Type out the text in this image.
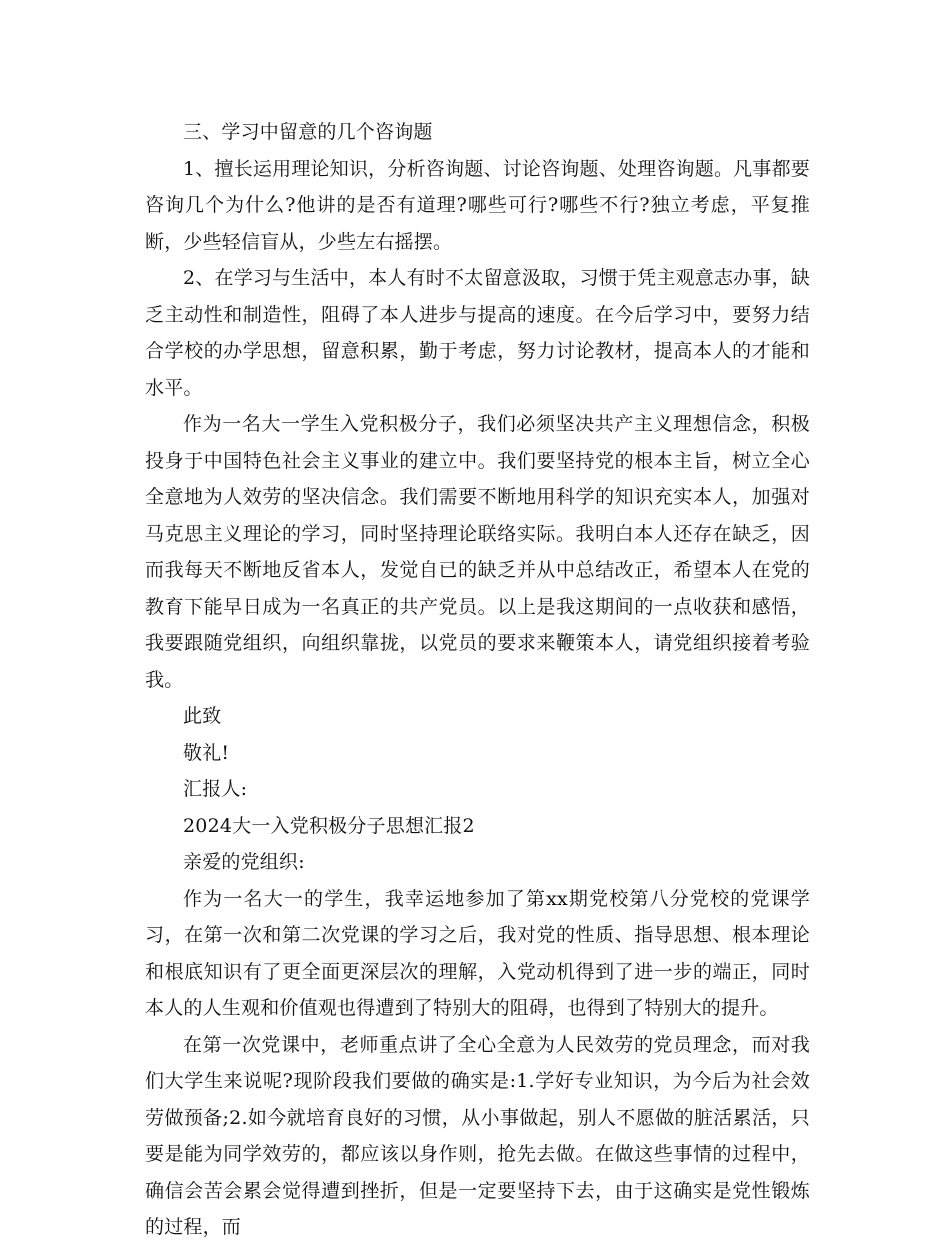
三、学习中留意的几个咨询题

1、擅长运用理论知识，分析咨询题、讨论咨询题、处理咨询题。凡事都要咨询几个为什么?他讲的是否有道理?哪些可行?哪些不行?独立考虑，平复推断，少些轻信盲从，少些左右摇摆。

2、在学习与生活中，本人有时不太留意汲取，习惯于凭主观意志办事，缺乏主动性和制造性，阻碍了本人进步与提高的速度。在今后学习中，要努力结合学校的办学思想，留意积累，勤于考虑，努力讨论教材，提高本人的才能和水平。

作为一名大一学生入党积极分子，我们必须坚决共产主义理想信念，积极投身于中国特色社会主义事业的建立中。我们要坚持党的根本主旨，树立全心全意地为人效劳的坚决信念。我们需要不断地用科学的知识充实本人，加强对马克思主义理论的学习，同时坚持理论联络实际。我明白本人还存在缺乏，因而我每天不断地反省本人，发觉自已的缺乏并从中总结改正，希望本人在党的教育下能早日成为一名真正的共产党员。以上是我这期间的一点收获和感悟，我要跟随党组织，向组织靠拢，以党员的要求来鞭策本人，请党组织接着考验我。

此致

敬礼!

汇报人:

2024大一入党积极分子思想汇报2

亲爱的党组织:

作为一名大一的学生，我幸运地参加了第xx期党校第八分党校的党课学习，在第一次和第二次党课的学习之后，我对党的性质、指导思想、根本理论和根底知识有了更全面更深层次的理解，入党动机得到了进一步的端正，同时本人的人生观和价值观也得遭到了特别大的阻碍，也得到了特别大的提升。

在第一次党课中，老师重点讲了全心全意为人民效劳的党员理念，而对我们大学生来说呢?现阶段我们要做的确实是:1.学好专业知识，为今后为社会效劳做预备;2.如今就培育良好的习惯，从小事做起，别人不愿做的脏活累活，只要是能为同学效劳的，都应该以身作则，抢先去做。在做这些事情的过程中，确信会苦会累会觉得遭到挫折，但是一定要坚持下去，由于这确实是党性锻炼的过程，而
